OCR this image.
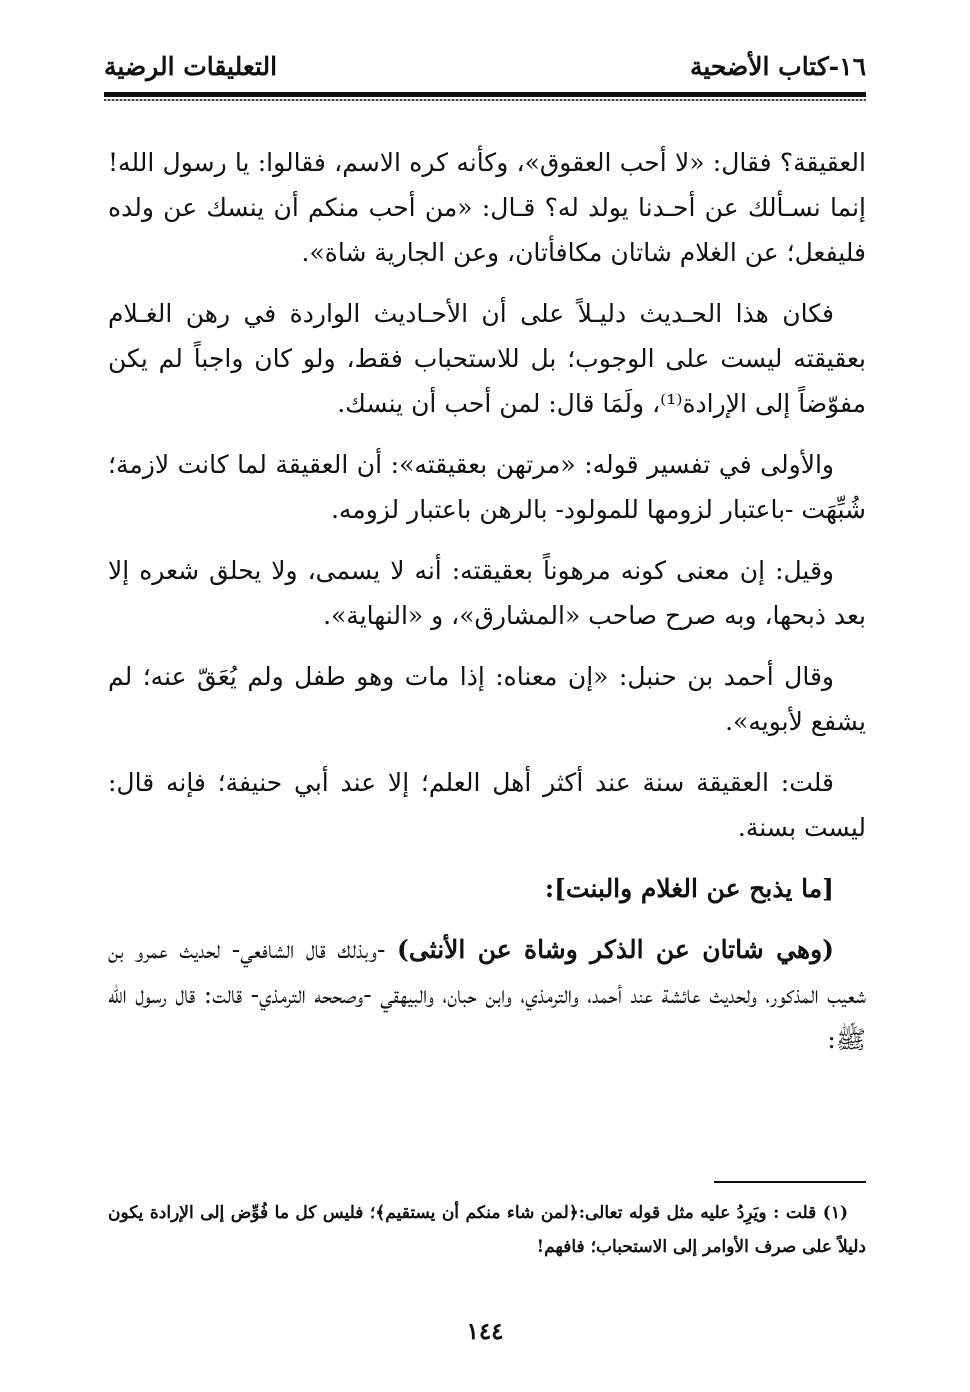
١٦-كتاب الأضحية
التعليقات الرضية

العقيقة؟ فقال: «لا أحب العقوق»، وكأنه كره الاسم، فقالوا: يا رسول الله! إنما نسـألك عن أحـدنا يولد له؟ قـال: «من أحب منكم أن ينسك عن ولده فليفعل؛ عن الغلام شاتان مكافأتان، وعن الجارية شاة».

فكان هذا الحـديث دليـلاً على أن الأحـاديث الواردة في رهن الغـلام بعقيقته ليست على الوجوب؛ بل للاستحباب فقط، ولو كان واجباً لم يكن مفوّضاً إلى الإرادة⁽¹⁾، ولَمَا قال: لمن أحب أن ينسك.

والأولى في تفسير قوله: «مرتهن بعقيقته»: أن العقيقة لما كانت لازمة؛ شُبِّهَت -باعتبار لزومها للمولود- بالرهن باعتبار لزومه.

وقيل: إن معنى كونه مرهوناً بعقيقته: أنه لا يسمى، ولا يحلق شعره إلا بعد ذبحها، وبه صرح صاحب «المشارق»، و «النهاية».

وقال أحمد بن حنبل: «إن معناه: إذا مات وهو طفل ولم يُعَقّ عنه؛ لم يشفع لأبويه».

قلت: العقيقة سنة عند أكثر أهل العلم؛ إلا عند أبي حنيفة؛ فإنه قال: ليست بسنة.

[ما يذبح عن الغلام والبنت]:

(وهي شاتان عن الذكر وشاة عن الأنثى) -وبذلك قال الشافعي- لحديث عمرو بن شعيب المذكور، ولحديث عائشة عند أحمد، والترمذي، وابن حبان، والبيهقي -وصححه الترمذي- قالت: قال رسول الله ﷺ:

(١) قلت : ويَرِدُ عليه مثل قوله تعالى:﴿لمن شاء منكم أن يستقيم﴾؛ فليس كل ما فُوِّض إلى الإرادة يكون دليلاً على صرف الأوامر إلى الاستحباب؛ فافهم!

١٤٤
